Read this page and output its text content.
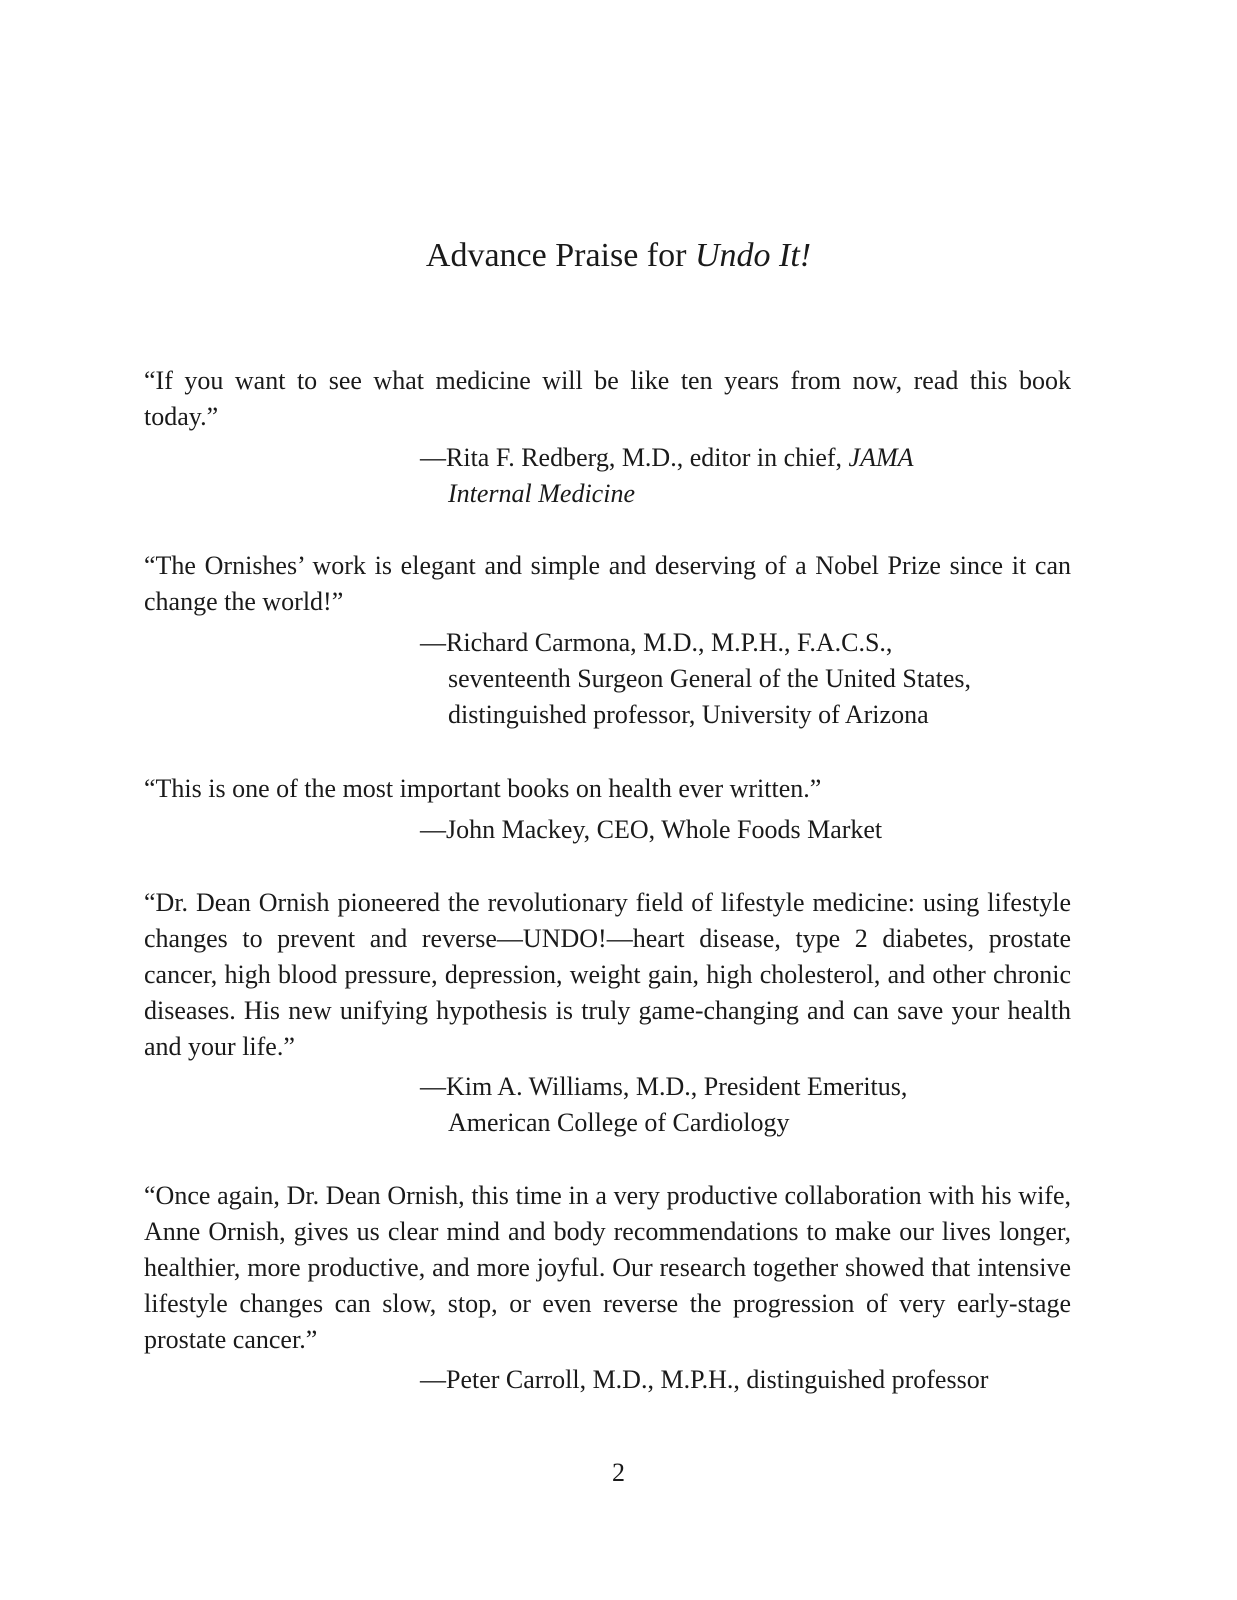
Advance Praise for Undo It!
“If you want to see what medicine will be like ten years from now, read this book today.”
—Rita F. Redberg, M.D., editor in chief, JAMA
Internal Medicine
“The Ornishes’ work is elegant and simple and deserving of a Nobel Prize since it can change the world!”
—Richard Carmona, M.D., M.P.H., F.A.C.S.,
seventeenth Surgeon General of the United States,
distinguished professor, University of Arizona
“This is one of the most important books on health ever written.”
—John Mackey, CEO, Whole Foods Market
“Dr. Dean Ornish pioneered the revolutionary field of lifestyle medicine: using lifestyle changes to prevent and reverse—UNDO!—heart disease, type 2 diabetes, prostate cancer, high blood pressure, depression, weight gain, high cholesterol, and other chronic diseases. His new unifying hypothesis is truly game-changing and can save your health and your life.”
—Kim A. Williams, M.D., President Emeritus,
American College of Cardiology
“Once again, Dr. Dean Ornish, this time in a very productive collaboration with his wife, Anne Ornish, gives us clear mind and body recommendations to make our lives longer, healthier, more productive, and more joyful. Our research together showed that intensive lifestyle changes can slow, stop, or even reverse the progression of very early-stage prostate cancer.”
—Peter Carroll, M.D., M.P.H., distinguished professor
2
